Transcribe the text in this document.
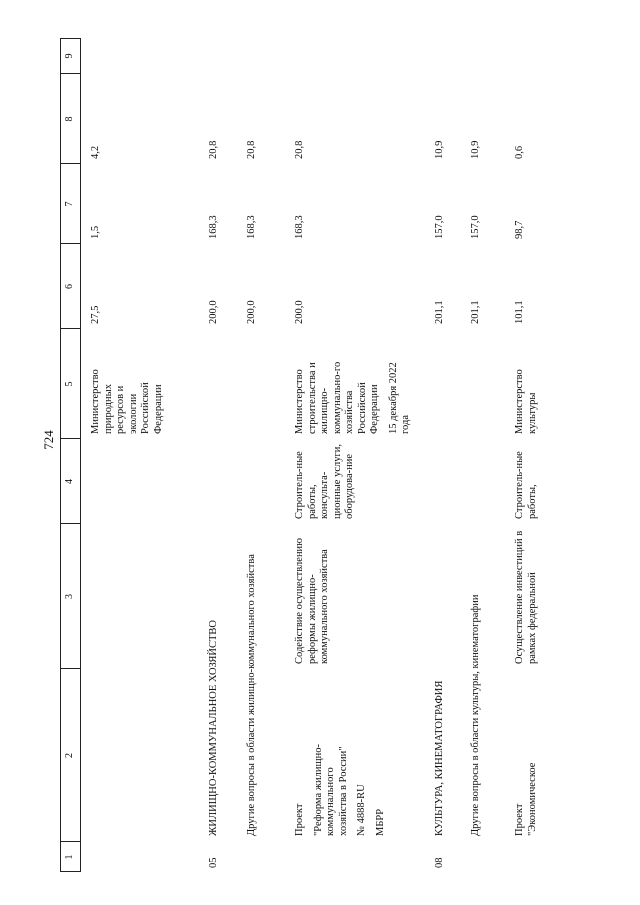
724
1
2
3
4
5
6
7
8
9
Министерство природных ресурсов и экологии Российской Федерации
27,5
1,5
4,2
05
ЖИЛИЩНО-КОММУНАЛЬНОЕ ХОЗЯЙСТВО
200,0
168,3
20,8
Другие вопросы в области жилищно-коммунального хозяйства
200,0
168,3
20,8
Проект "Реформа жилищно-коммунального хозяйства в России" № 4888-RU МБРР
Содействие осуществлению реформы жилищно-коммунального хозяйства
Строитель-ные работы, консульта-ционные услуги, оборудова-ние
Министерство строительства и жилищно-коммунально-го хозяйства Российской Федерации 15 декабря 2022 года
200,0
168,3
20,8
08
КУЛЬТУРА, КИНЕМАТОГРАФИЯ
201,1
157,0
10,9
Другие вопросы в области культуры, кинематографии
201,1
157,0
10,9
Проект "Экономическое
Осуществление инвестиций в рамках федеральной
Строитель-ные работы,
Министерство культуры
101,1
98,7
0,6
